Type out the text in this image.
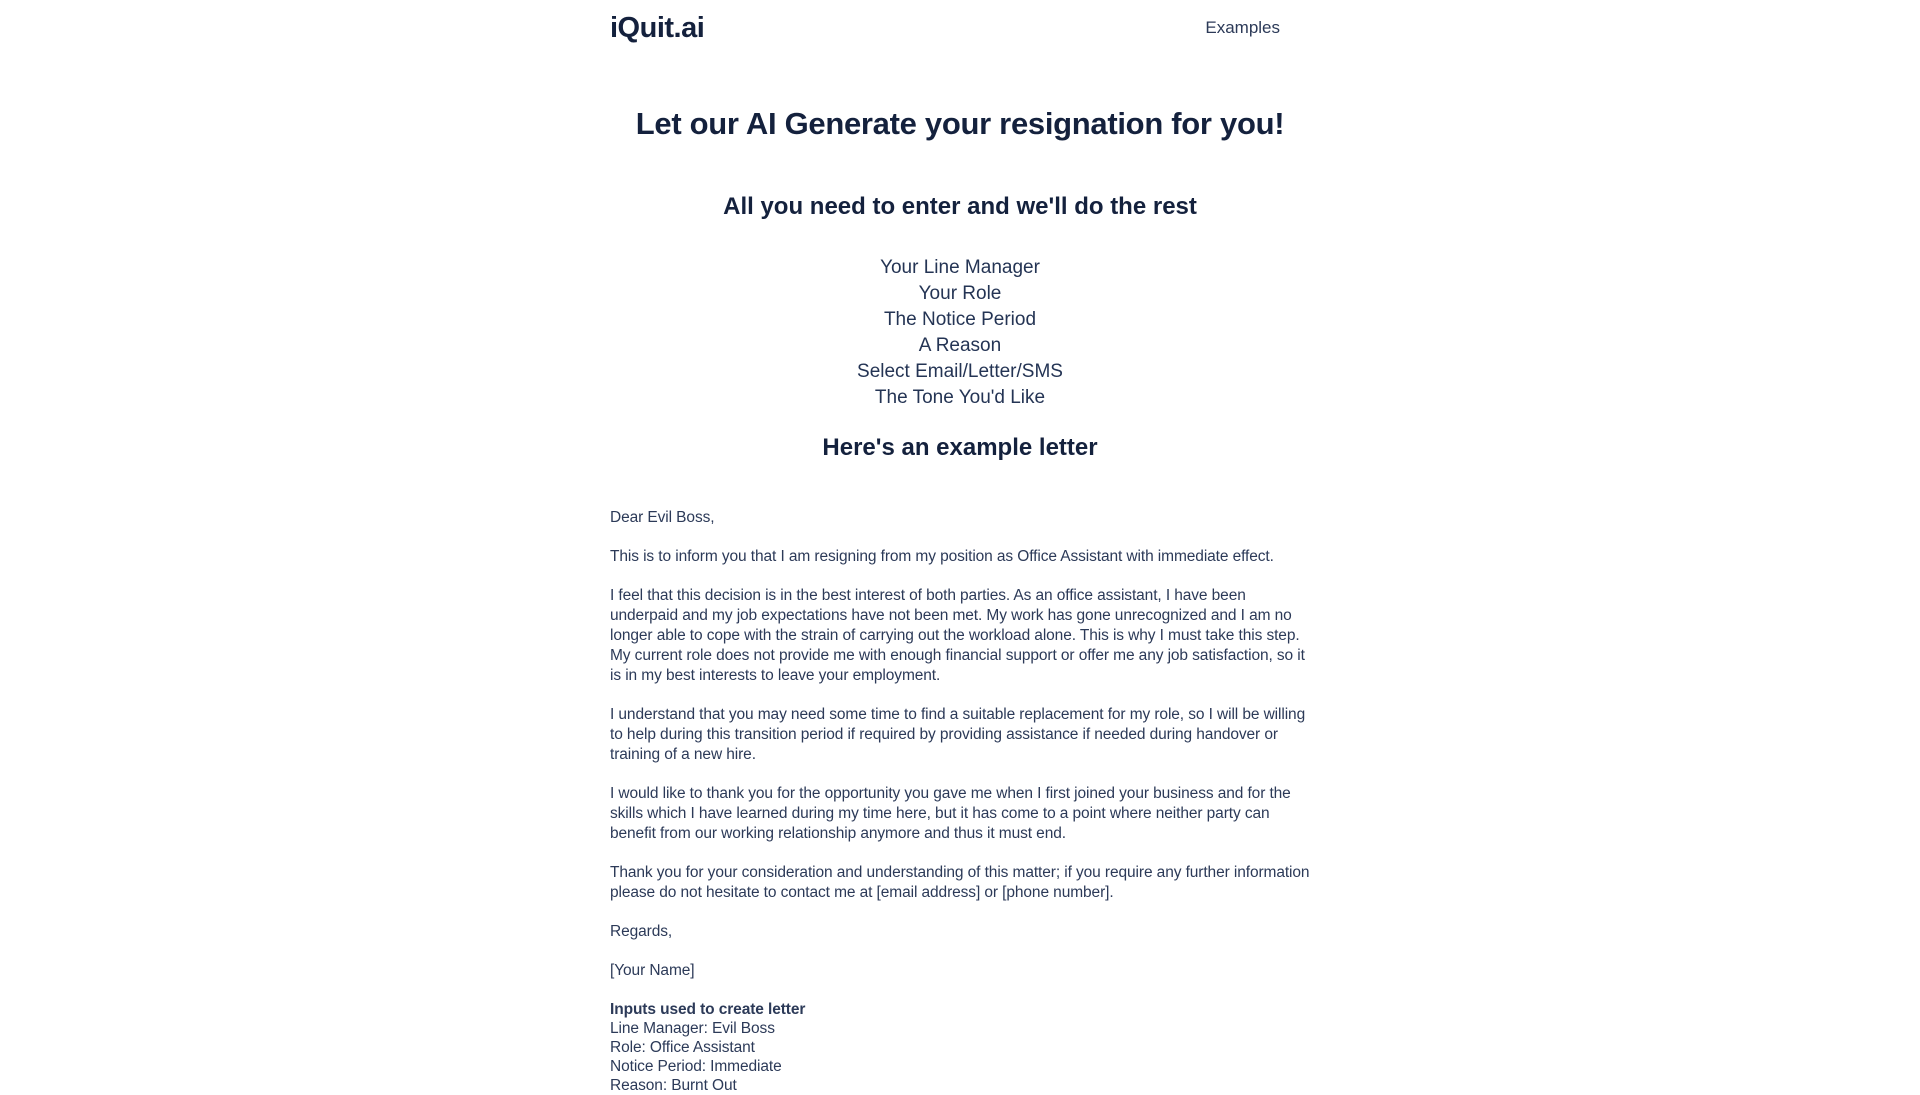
iQuit.ai	Examples
Let our AI Generate your resignation for you!
All you need to enter and we'll do the rest
Your Line Manager
Your Role
The Notice Period
A Reason
Select Email/Letter/SMS
The Tone You'd Like
Here's an example letter

Dear Evil Boss,

This is to inform you that I am resigning from my position as Office Assistant with immediate effect.

I feel that this decision is in the best interest of both parties. As an office assistant, I have been underpaid and my job expectations have not been met. My work has gone unrecognized and I am no longer able to cope with the strain of carrying out the workload alone. This is why I must take this step. My current role does not provide me with enough financial support or offer me any job satisfaction, so it is in my best interests to leave your employment.

I understand that you may need some time to find a suitable replacement for my role, so I will be willing to help during this transition period if required by providing assistance if needed during handover or training of a new hire.

I would like to thank you for the opportunity you gave me when I first joined your business and for the skills which I have learned during my time here, but it has come to a point where neither party can benefit from our working relationship anymore and thus it must end.

Thank you for your consideration and understanding of this matter; if you require any further information please do not hesitate to contact me at [email address] or [phone number].

Regards,

[Your Name]

Inputs used to create letter
Line Manager: Evil Boss
Role: Office Assistant
Notice Period: Immediate
Reason: Burnt Out
